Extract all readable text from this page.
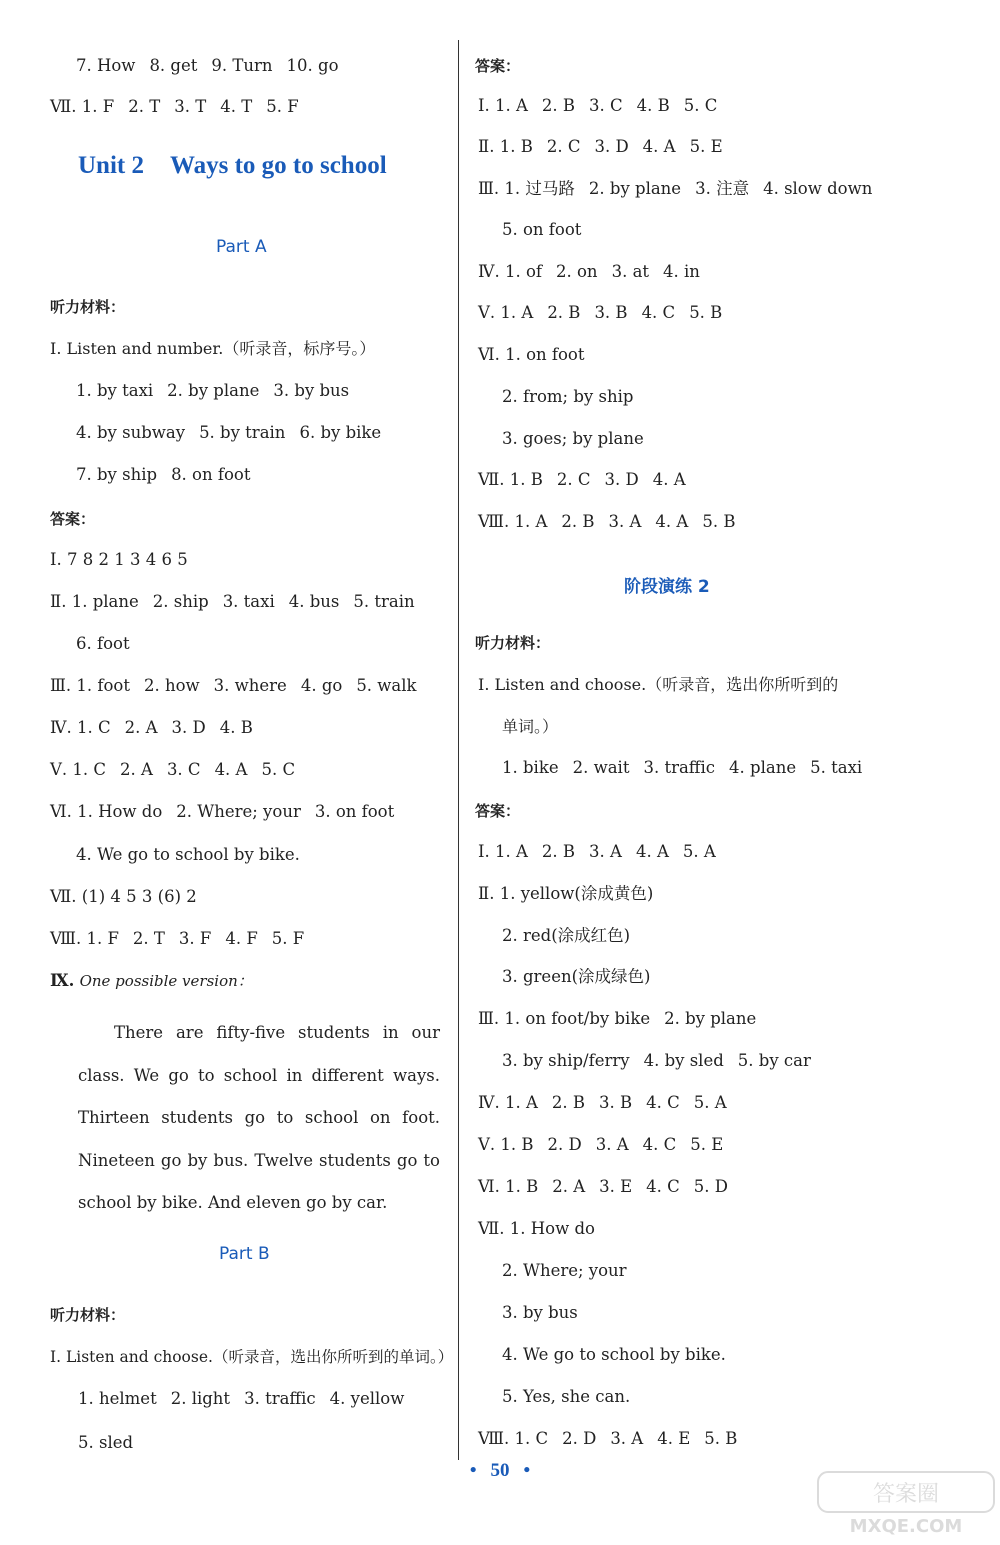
7. How 8. get 9. Turn 10. go
Ⅶ. 1. F 2. T 3. T 4. T 5. F
Unit 2 Ways to go to school
Part A
听力材料：
Ⅰ. Listen and number.（听录音，标序号。）
1. by taxi 2. by plane 3. by bus
4. by subway 5. by train 6. by bike
7. by ship 8. on foot
答案：
Ⅰ. 7 8 2 1 3 4 6 5
Ⅱ. 1. plane 2. ship 3. taxi 4. bus 5. train
6. foot
Ⅲ. 1. foot 2. how 3. where 4. go 5. walk
Ⅳ. 1. C 2. A 3. D 4. B
Ⅴ. 1. C 2. A 3. C 4. A 5. C
Ⅵ. 1. How do 2. Where; your 3. on foot
4. We go to school by bike.
Ⅶ. (1) 4 5 3 (6) 2
Ⅷ. 1. F 2. T 3. F 4. F 5. F
Ⅸ. One possible version：

There are fifty-five students in our class. We go to school in different ways. Thirteen students go to school on foot. Nineteen go by bus. Twelve students go to school by bike. And eleven go by car.

Part B
听力材料：
Ⅰ. Listen and choose.（听录音，选出你所听到的单词。）
1. helmet 2. light 3. traffic 4. yellow
5. sled
答案：
Ⅰ. 1. A 2. B 3. C 4. B 5. C
Ⅱ. 1. B 2. C 3. D 4. A 5. E
Ⅲ. 1. 过马路 2. by plane 3. 注意 4. slow down
5. on foot
Ⅳ. 1. of 2. on 3. at 4. in
Ⅴ. 1. A 2. B 3. B 4. C 5. B
Ⅵ. 1. on foot
2. from; by ship
3. goes; by plane
Ⅶ. 1. B 2. C 3. D 4. A
Ⅷ. 1. A 2. B 3. A 4. A 5. B
阶段演练 2
听力材料：
Ⅰ. Listen and choose.（听录音，选出你所听到的
单词。）
1. bike 2. wait 3. traffic 4. plane 5. taxi
答案：
Ⅰ. 1. A 2. B 3. A 4. A 5. A
Ⅱ. 1. yellow(涂成黄色)
2. red(涂成红色)
3. green(涂成绿色)
Ⅲ. 1. on foot/by bike 2. by plane
3. by ship/ferry 4. by sled 5. by car
Ⅳ. 1. A 2. B 3. B 4. C 5. A
Ⅴ. 1. B 2. D 3. A 4. C 5. E
Ⅵ. 1. B 2. A 3. E 4. C 5. D
Ⅶ. 1. How do
2. Where; your
3. by bus
4. We go to school by bike.
5. Yes, she can.
Ⅷ. 1. C 2. D 3. A 4. E 5. B
• 50 •
答案圈
MXQE.COM
